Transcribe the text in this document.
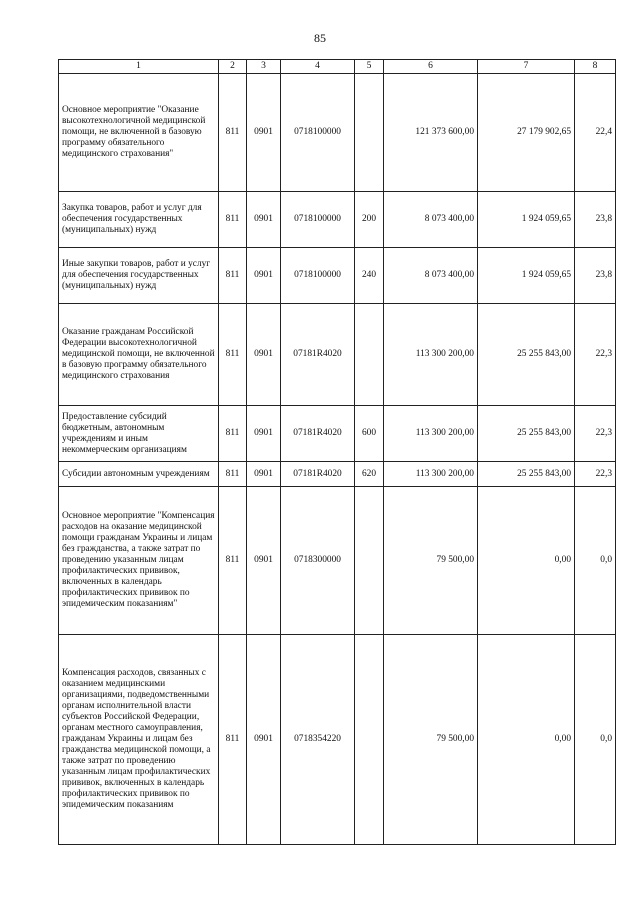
85
1	2	3	4	5	6	7	8
Основное мероприятие "Оказание высокотехнологичной медицинской помощи, не включенной в базовую программу обязательного медицинского страхования"	811	0901	0718100000		121 373 600,00	27 179 902,65	22,4
Закупка товаров, работ и услуг для обеспечения государственных (муниципальных) нужд	811	0901	0718100000	200	8 073 400,00	1 924 059,65	23,8
Иные закупки товаров, работ и услуг для обеспечения государственных (муниципальных) нужд	811	0901	0718100000	240	8 073 400,00	1 924 059,65	23,8
Оказание гражданам Российской Федерации высокотехнологичной медицинской помощи, не включенной в базовую программу обязательного медицинского страхования	811	0901	07181R4020		113 300 200,00	25 255 843,00	22,3
Предоставление субсидий бюджетным, автономным учреждениям и иным некоммерческим организациям	811	0901	07181R4020	600	113 300 200,00	25 255 843,00	22,3
Субсидии автономным учреждениям	811	0901	07181R4020	620	113 300 200,00	25 255 843,00	22,3
Основное мероприятие "Компенсация расходов на оказание медицинской помощи гражданам Украины и лицам без гражданства, а также затрат по проведению указанным лицам профилактических прививок, включенных в календарь профилактических прививок по эпидемическим показаниям"	811	0901	0718300000		79 500,00	0,00	0,0
Компенсация расходов, связанных с оказанием медицинскими организациями, подведомственными органам исполнительной власти субъектов Российской Федерации, органам местного самоуправления, гражданам Украины и лицам без гражданства медицинской помощи, а также затрат по проведению указанным лицам профилактических прививок, включенных в календарь профилактических прививок по эпидемическим показаниям	811	0901	0718354220		79 500,00	0,00	0,0
